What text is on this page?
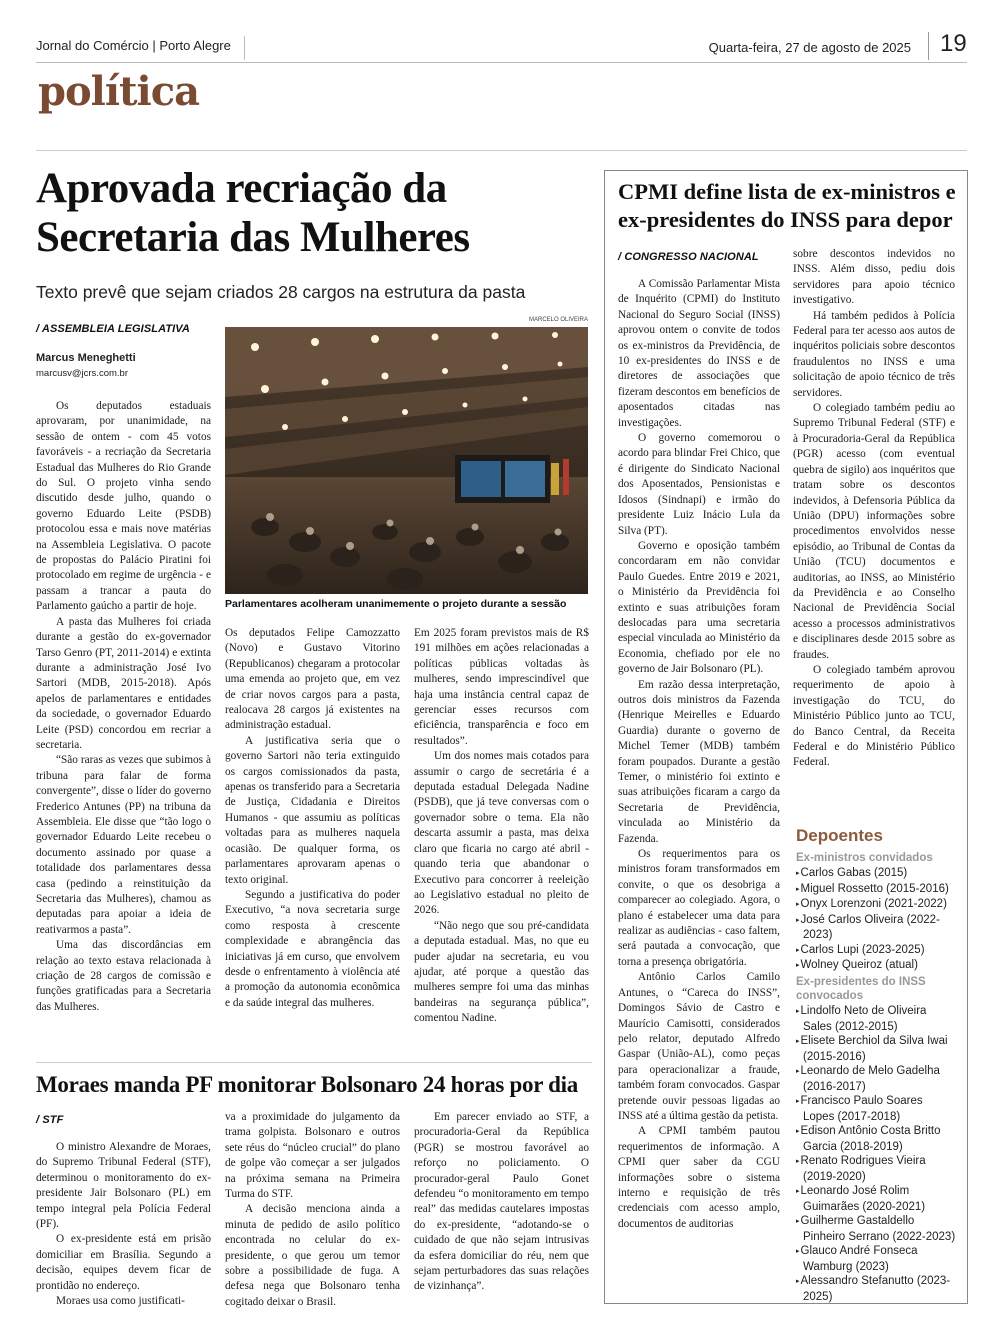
Jornal do Comércio | Porto Alegre	Quarta-feira, 27 de agosto de 2025 19
política
Aprovada recriação da
Secretaria das Mulheres
Texto prevê que sejam criados 28 cargos na estrutura da pasta
/ ASSEMBLEIA LEGISLATIVA
Marcus Meneghetti
marcusv@jcrs.com.br
MARCELO OLIVEIRA
Parlamentares acolheram unanimemente o projeto durante a sessão

Os deputados estaduais aprovaram, por unanimidade, na sessão de ontem - com 45 votos favoráveis - a recriação da Secretaria Estadual das Mulheres do Rio Grande do Sul. O projeto vinha sendo discutido desde julho, quando o governo Eduardo Leite (PSDB) protocolou essa e mais nove matérias na Assembleia Legislativa. O pacote de propostas do Palácio Piratini foi protocolado em regime de urgência - e passam a trancar a pauta do Parlamento gaúcho a partir de hoje.

A pasta das Mulheres foi criada durante a gestão do ex-governador Tarso Genro (PT, 2011-2014) e extinta durante a administração José Ivo Sartori (MDB, 2015-2018). Após apelos de parlamentares e entidades da sociedade, o governador Eduardo Leite (PSD) concordou em recriar a secretaria.

“São raras as vezes que subimos à tribuna para falar de forma convergente”, disse o líder do governo Frederico Antunes (PP) na tribuna da Assembleia. Ele disse que “tão logo o governador Eduardo Leite recebeu o documento assinado por quase a totalidade dos parlamentares dessa casa (pedindo a reinstituição da Secretaria das Mulheres), chamou as deputadas para apoiar a ideia de reativarmos a pasta”.

Uma das discordâncias em relação ao texto estava relacionada à criação de 28 cargos de comissão e funções gratificadas para a Secretaria das Mulheres.

Os deputados Felipe Camozzatto (Novo) e Gustavo Vitorino (Republicanos) chegaram a protocolar uma emenda ao projeto que, em vez de criar novos cargos para a pasta, realocava 28 cargos já existentes na administração estadual.

A justificativa seria que o governo Sartori não teria extinguido os cargos comissionados da pasta, apenas os transferido para a Secretaria de Justiça, Cidadania e Direitos Humanos - que assumiu as políticas voltadas para as mulheres naquela ocasião. De qualquer forma, os parlamentares aprovaram apenas o texto original.

Segundo a justificativa do poder Executivo, “a nova secretaria surge como resposta à crescente complexidade e abrangência das iniciativas já em curso, que envolvem desde o enfrentamento à violência até a promoção da autonomia econômica e da saúde integral das mulheres.

Em 2025 foram previstos mais de R$ 191 milhões em ações relacionadas a políticas públicas voltadas às mulheres, sendo imprescindível que haja uma instância central capaz de gerenciar esses recursos com eficiência, transparência e foco em resultados”.

Um dos nomes mais cotados para assumir o cargo de secretária é a deputada estadual Delegada Nadine (PSDB), que já teve conversas com o governador sobre o tema. Ela não descarta assumir a pasta, mas deixa claro que ficaria no cargo até abril - quando teria que abandonar o Executivo para concorrer à reeleição ao Legislativo estadual no pleito de 2026.

“Não nego que sou pré-candidata a deputada estadual. Mas, no que eu puder ajudar na secretaria, eu vou ajudar, até porque a questão das mulheres sempre foi uma das minhas bandeiras na segurança pública”, comentou Nadine.

Moraes manda PF monitorar Bolsonaro 24 horas por dia
/ STF

O ministro Alexandre de Moraes, do Supremo Tribunal Federal (STF), determinou o monitoramento do ex-presidente Jair Bolsonaro (PL) em tempo integral pela Polícia Federal (PF).

O ex-presidente está em prisão domiciliar em Brasília. Segundo a decisão, equipes devem ficar de prontidão no endereço.

Moraes usa como justificati-

va a proximidade do julgamento da trama golpista. Bolsonaro e outros sete réus do “núcleo crucial” do plano de golpe vão começar a ser julgados na próxima semana na Primeira Turma do STF.

A decisão menciona ainda a minuta de pedido de asilo político encontrada no celular do ex-presidente, o que gerou um temor sobre a possibilidade de fuga. A defesa nega que Bolsonaro tenha cogitado deixar o Brasil.

Em parecer enviado ao STF, a procuradoria-Geral da República (PGR) se mostrou favorável ao reforço no policiamento. O procurador-geral Paulo Gonet defendeu “o monitoramento em tempo real” das medidas cautelares impostas do ex-presidente, “adotando-se o cuidado de que não sejam intrusivas da esfera domiciliar do réu, nem que sejam perturbadores das suas relações de vizinhança”.

CPMI define lista de ex-ministros e
ex-presidentes do INSS para depor
/ CONGRESSO NACIONAL

A Comissão Parlamentar Mista de Inquérito (CPMI) do Instituto Nacional do Seguro Social (INSS) aprovou ontem o convite de todos os ex-ministros da Previdência, de 10 ex-presidentes do INSS e de diretores de associações que fizeram descontos em benefícios de aposentados citadas nas investigações.

O governo comemorou o acordo para blindar Frei Chico, que é dirigente do Sindicato Nacional dos Aposentados, Pensionistas e Idosos (Sindnapi) e irmão do presidente Luiz Inácio Lula da Silva (PT).

Governo e oposição também concordaram em não convidar Paulo Guedes. Entre 2019 e 2021, o Ministério da Previdência foi extinto e suas atribuições foram deslocadas para uma secretaria especial vinculada ao Ministério da Economia, chefiado por ele no governo de Jair Bolsonaro (PL).

Em razão dessa interpretação, outros dois ministros da Fazenda (Henrique Meirelles e Eduardo Guardia) durante o governo de Michel Temer (MDB) também foram poupados. Durante a gestão Temer, o ministério foi extinto e suas atribuições ficaram a cargo da Secretaria de Previdência, vinculada ao Ministério da Fazenda.

Os requerimentos para os ministros foram transformados em convite, o que os desobriga a comparecer ao colegiado. Agora, o plano é estabelecer uma data para realizar as audiências - caso faltem, será pautada a convocação, que torna a presença obrigatória.

Antônio Carlos Camilo Antunes, o “Careca do INSS”, Domingos Sávio de Castro e Maurício Camisotti, considerados pelo relator, deputado Alfredo Gaspar (União-AL), como peças para operacionalizar a fraude, também foram convocados. Gaspar pretende ouvir pessoas ligadas ao INSS até a última gestão da petista.

A CPMI também pautou requerimentos de informação. A CPMI quer saber da CGU informações sobre o sistema interno e requisição de três credenciais com acesso amplo, documentos de auditorias

sobre descontos indevidos no INSS. Além disso, pediu dois servidores para apoio técnico investigativo.

Há também pedidos à Polícia Federal para ter acesso aos autos de inquéritos policiais sobre descontos fraudulentos no INSS e uma solicitação de apoio técnico de três servidores.

O colegiado também pediu ao Supremo Tribunal Federal (STF) e à Procuradoria-Geral da República (PGR) acesso (com eventual quebra de sigilo) aos inquéritos que tratam sobre os descontos indevidos, à Defensoria Pública da União (DPU) informações sobre procedimentos envolvidos nesse episódio, ao Tribunal de Contas da União (TCU) documentos e auditorias, ao INSS, ao Ministério da Previdência e ao Conselho Nacional de Previdência Social acesso a processos administrativos e disciplinares desde 2015 sobre as fraudes.

O colegiado também aprovou requerimento de apoio à investigação do TCU, do Ministério Público junto ao TCU, do Banco Central, da Receita Federal e do Ministério Público Federal.

Depoentes
Ex-ministros convidados
▸ Carlos Gabas (2015)
▸ Miguel Rossetto (2015-2016)
▸ Onyx Lorenzoni (2021-2022)
▸ José Carlos Oliveira (2022-2023)
▸ Carlos Lupi (2023-2025)
▸ Wolney Queiroz (atual)
Ex-presidentes do INSS
convocados
▸ Lindolfo Neto de Oliveira Sales (2012-2015)
▸ Elisete Berchiol da Silva Iwai (2015-2016)
▸ Leonardo de Melo Gadelha (2016-2017)
▸ Francisco Paulo Soares Lopes (2017-2018)
▸ Edison Antônio Costa Britto Garcia (2018-2019)
▸ Renato Rodrigues Vieira (2019-2020)
▸ Leonardo José Rolim Guimarães (2020-2021)
▸ Guilherme Gastaldello Pinheiro Serrano (2022-2023)
▸ Glauco André Fonseca Wamburg (2023)
▸ Alessandro Stefanutto (2023-2025)
